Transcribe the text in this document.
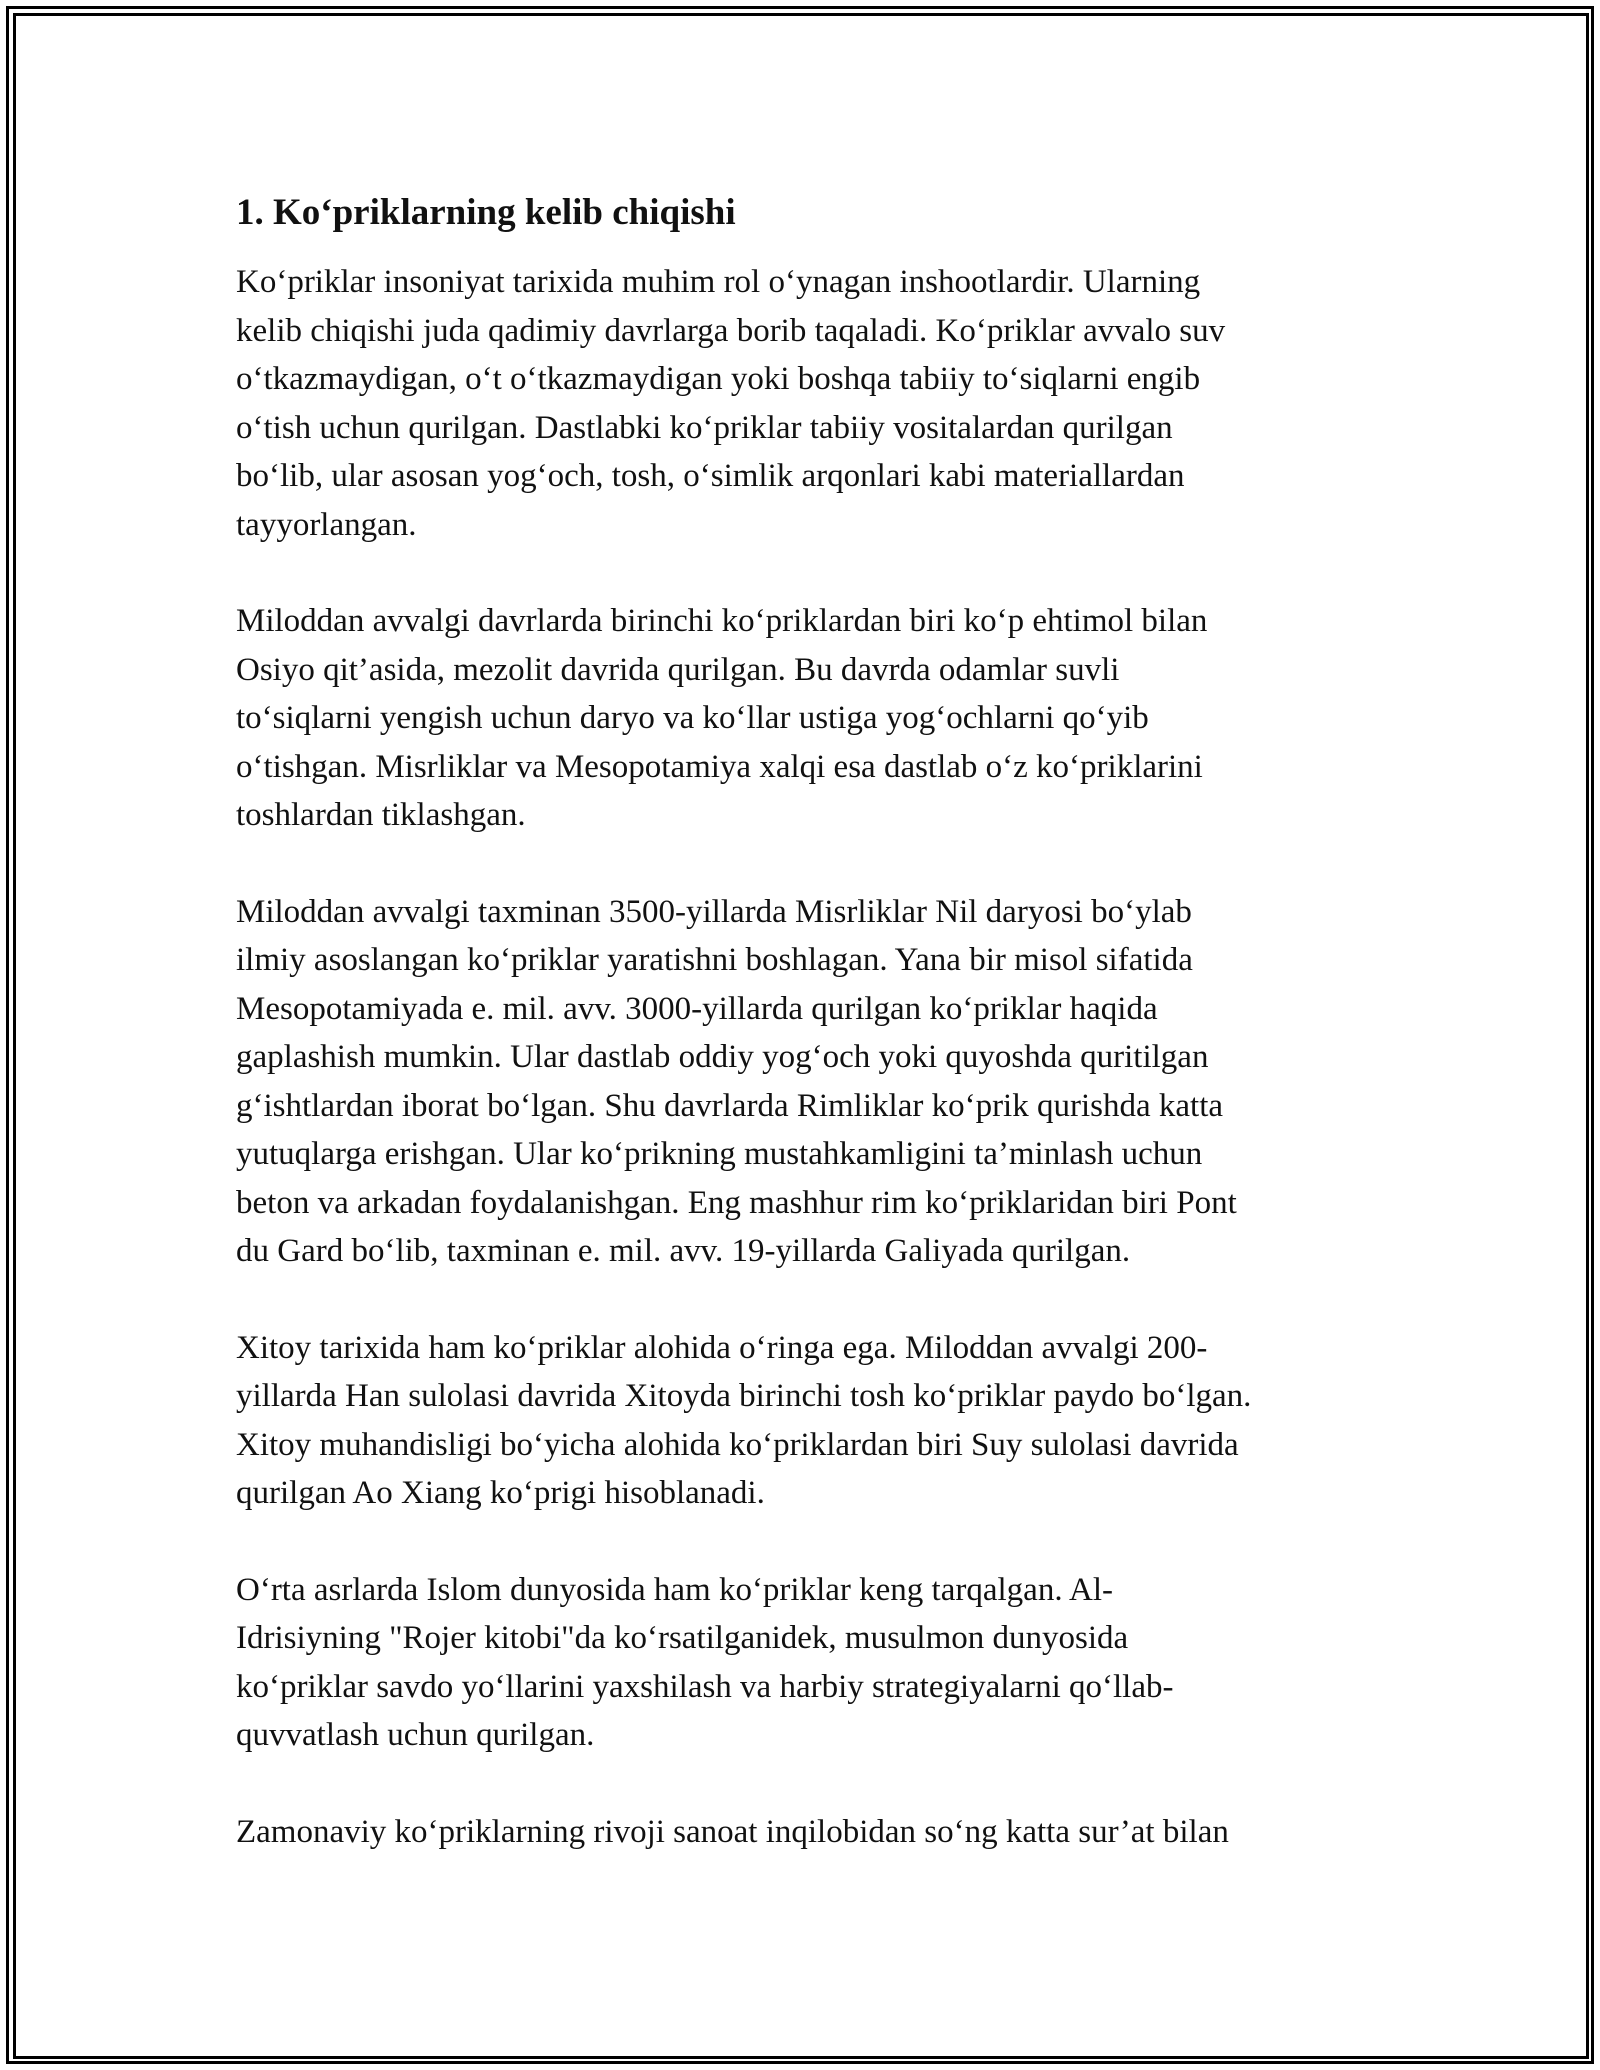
1. Ko‘priklarning kelib chiqishi
Ko‘priklar insoniyat tarixida muhim rol o‘ynagan inshootlardir. Ularning
kelib chiqishi juda qadimiy davrlarga borib taqaladi. Ko‘priklar avvalo suv
o‘tkazmaydigan, o‘t o‘tkazmaydigan yoki boshqa tabiiy to‘siqlarni engib
o‘tish uchun qurilgan. Dastlabki ko‘priklar tabiiy vositalardan qurilgan
bo‘lib, ular asosan yog‘och, tosh, o‘simlik arqonlari kabi materiallardan
tayyorlangan.
Miloddan avvalgi davrlarda birinchi ko‘priklardan biri ko‘p ehtimol bilan
Osiyo qit’asida, mezolit davrida qurilgan. Bu davrda odamlar suvli
to‘siqlarni yengish uchun daryo va ko‘llar ustiga yog‘ochlarni qo‘yib
o‘tishgan. Misrliklar va Mesopotamiya xalqi esa dastlab o‘z ko‘priklarini
toshlardan tiklashgan.
Miloddan avvalgi taxminan 3500-yillarda Misrliklar Nil daryosi bo‘ylab
ilmiy asoslangan ko‘priklar yaratishni boshlagan. Yana bir misol sifatida
Mesopotamiyada e. mil. avv. 3000-yillarda qurilgan ko‘priklar haqida
gaplashish mumkin. Ular dastlab oddiy yog‘och yoki quyoshda quritilgan
g‘ishtlardan iborat bo‘lgan. Shu davrlarda Rimliklar ko‘prik qurishda katta
yutuqlarga erishgan. Ular ko‘prikning mustahkamligini ta’minlash uchun
beton va arkadan foydalanishgan. Eng mashhur rim ko‘priklaridan biri Pont
du Gard bo‘lib, taxminan e. mil. avv. 19-yillarda Galiyada qurilgan.
Xitoy tarixida ham ko‘priklar alohida o‘ringa ega. Miloddan avvalgi 200-
yillarda Han sulolasi davrida Xitoyda birinchi tosh ko‘priklar paydo bo‘lgan.
Xitoy muhandisligi bo‘yicha alohida ko‘priklardan biri Suy sulolasi davrida
qurilgan Ao Xiang ko‘prigi hisoblanadi.
O‘rta asrlarda Islom dunyosida ham ko‘priklar keng tarqalgan. Al-
Idrisiyning "Rojer kitobi"da ko‘rsatilganidek, musulmon dunyosida
ko‘priklar savdo yo‘llarini yaxshilash va harbiy strategiyalarni qo‘llab-
quvvatlash uchun qurilgan.
Zamonaviy ko‘priklarning rivoji sanoat inqilobidan so‘ng katta sur’at bilan
